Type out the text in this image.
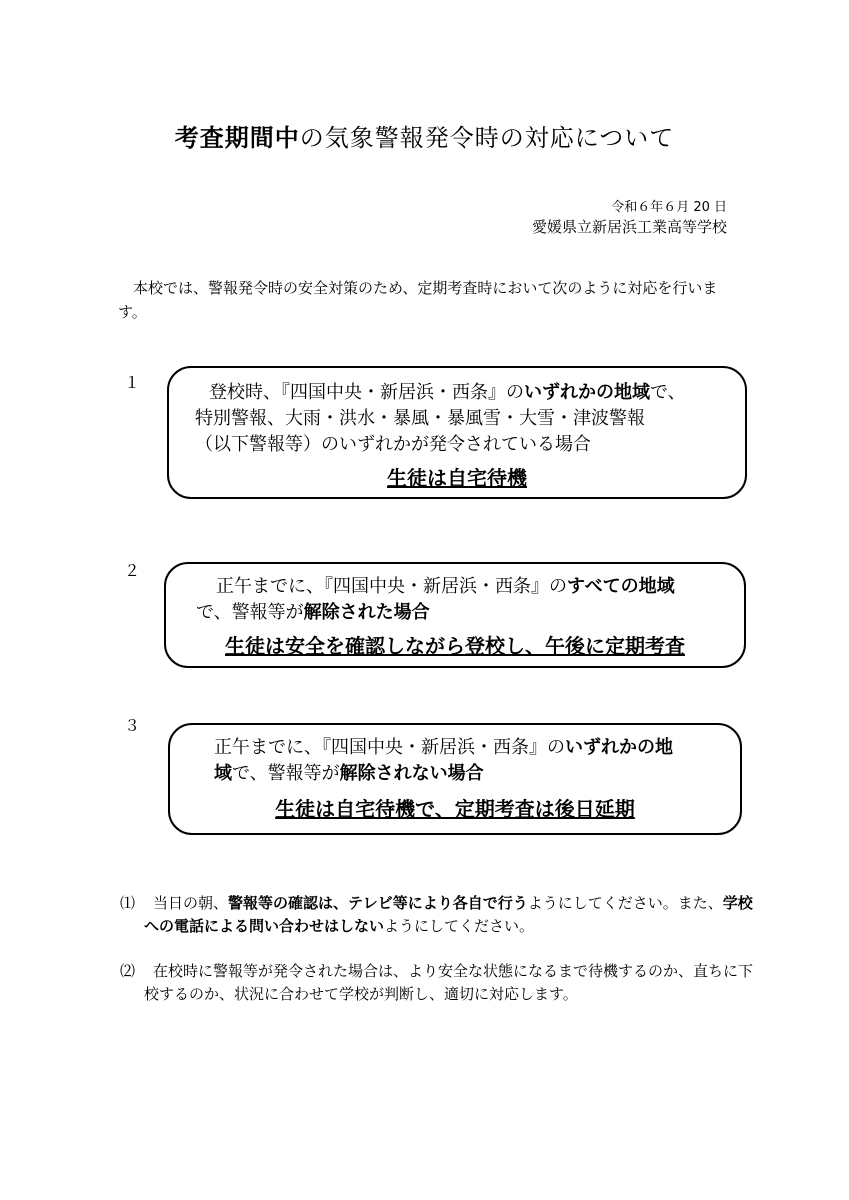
考査期間中の気象警報発令時の対応について
令和６年６月 20 日
愛媛県立新居浜工業高等学校
本校では、警報発令時の安全対策のため、定期考査時において次のように対応を行います。
１	登校時、『四国中央・新居浜・西条』のいずれかの地域で、
特別警報、大雨・洪水・暴風・暴風雪・大雪・津波警報
（以下警報等）のいずれかが発令されている場合
生徒は自宅待機
２
正午までに、『四国中央・新居浜・西条』のすべての地域
で、警報等が解除された場合
生徒は安全を確認しながら登校し、午後に定期考査
３
正午までに、『四国中央・新居浜・西条』のいずれかの地
域で、警報等が解除されない場合
生徒は自宅待機で、定期考査は後日延期
⑴ 当日の朝、警報等の確認は、テレビ等により各自で行うようにしてください。また、学校への電話による問い合わせはしないようにしてください。
⑵ 在校時に警報等が発令された場合は、より安全な状態になるまで待機するのか、直ちに下校するのか、状況に合わせて学校が判断し、適切に対応します。
